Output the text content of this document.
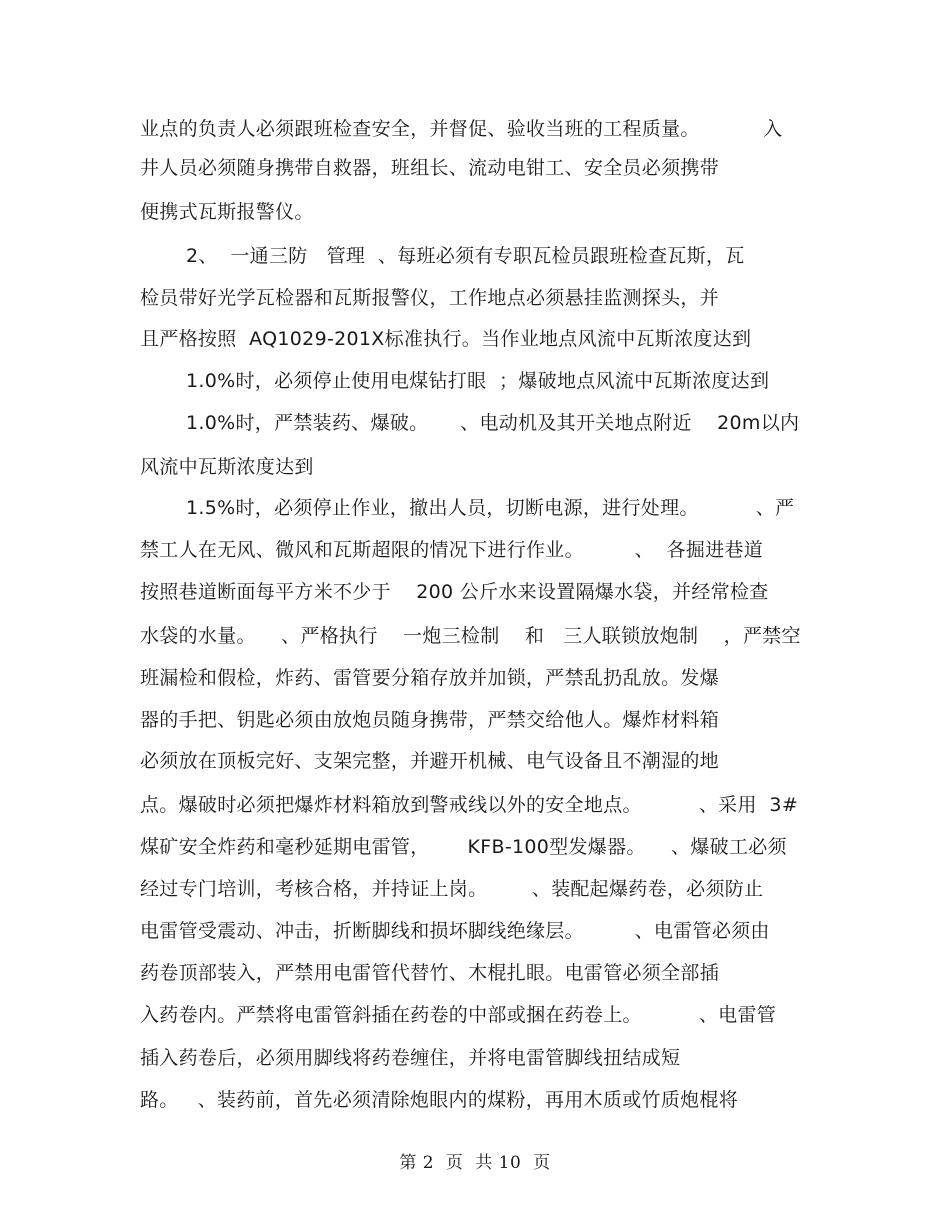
业点的负责人必须跟班检查安全，并督促、验收当班的工程质量。          入
井人员必须随身携带自救器，班组长、流动电钳工、安全员必须携带
便携式瓦斯报警仪。
2、  一通三防   管理  、每班必须有专职瓦检员跟班检查瓦斯，瓦
检员带好光学瓦检器和瓦斯报警仪，工作地点必须悬挂监测探头，并
且严格按照  AQ1029-201X标准执行。当作业地点风流中瓦斯浓度达到
1.0%时，必须停止使用电煤钻打眼  ；爆破地点风流中瓦斯浓度达到
1.0%时，严禁装药、爆破。     、电动机及其开关地点附近    20m以内
风流中瓦斯浓度达到
1.5%时，必须停止作业，撤出人员，切断电源，进行处理。         、严
禁工人在无风、微风和瓦斯超限的情况下进行作业。        、  各掘进巷道
按照巷道断面每平方米不少于    200 公斤水来设置隔爆水袋，并经常检查
水袋的水量。    、严格执行    一炮三检制    和   三人联锁放炮制    ，严禁空
班漏检和假检，炸药、雷管要分箱存放并加锁，严禁乱扔乱放。发爆
器的手把、钥匙必须由放炮员随身携带，严禁交给他人。爆炸材料箱
必须放在顶板完好、支架完整，并避开机械、电气设备且不潮湿的地
点。爆破时必须把爆炸材料箱放到警戒线以外的安全地点。         、采用  3#
煤矿安全炸药和毫秒延期电雷管，      KFB-100型发爆器。    、爆破工必须
经过专门培训，考核合格，并持证上岗。       、装配起爆药卷，必须防止
电雷管受震动、冲击，折断脚线和损坏脚线绝缘层。        、电雷管必须由
药卷顶部装入，严禁用电雷管代替竹、木棍扎眼。电雷管必须全部插
入药卷内。严禁将电雷管斜插在药卷的中部或捆在药卷上。         、电雷管
插入药卷后，必须用脚线将药卷缠住，并将电雷管脚线扭结成短
路。   、装药前，首先必须清除炮眼内的煤粉，再用木质或竹质炮棍将
第 2  页  共 10  页
